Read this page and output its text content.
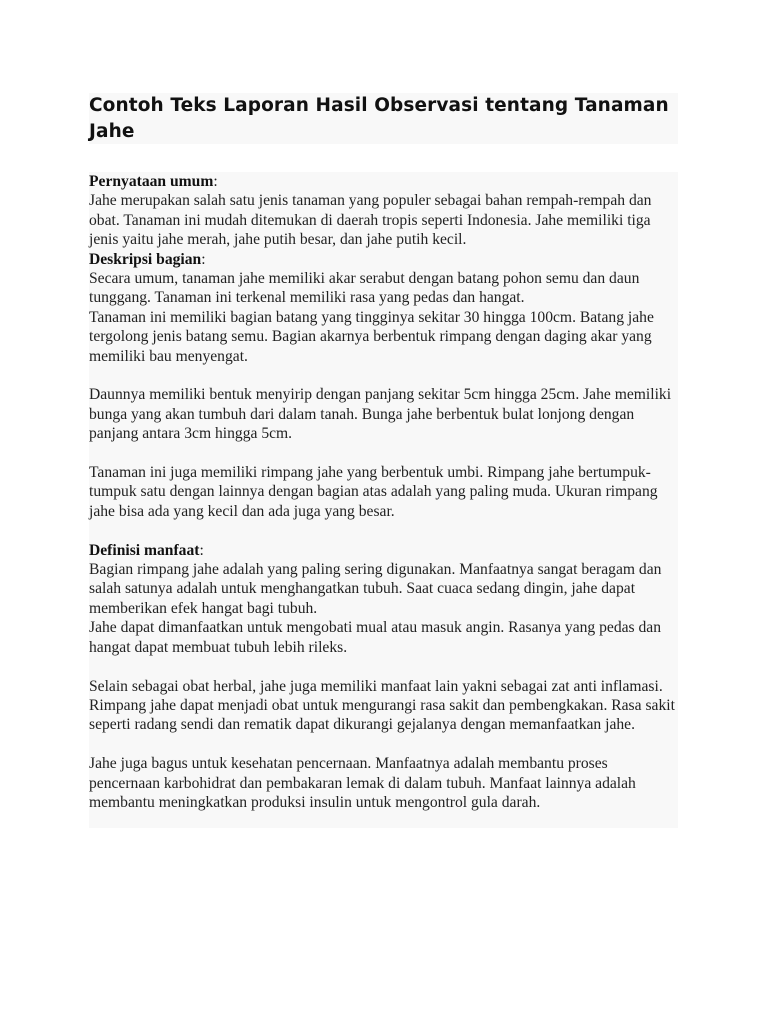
Contoh Teks Laporan Hasil Observasi tentang Tanaman Jahe

Pernyataan umum:

Jahe merupakan salah satu jenis tanaman yang populer sebagai bahan rempah-rempah dan obat. Tanaman ini mudah ditemukan di daerah tropis seperti Indonesia. Jahe memiliki tiga jenis yaitu jahe merah, jahe putih besar, dan jahe putih kecil.

Deskripsi bagian:

Secara umum, tanaman jahe memiliki akar serabut dengan batang pohon semu dan daun tunggang. Tanaman ini terkenal memiliki rasa yang pedas dan hangat.

Tanaman ini memiliki bagian batang yang tingginya sekitar 30 hingga 100cm. Batang jahe tergolong jenis batang semu. Bagian akarnya berbentuk rimpang dengan daging akar yang memiliki bau menyengat.

Daunnya memiliki bentuk menyirip dengan panjang sekitar 5cm hingga 25cm. Jahe memiliki bunga yang akan tumbuh dari dalam tanah. Bunga jahe berbentuk bulat lonjong dengan panjang antara 3cm hingga 5cm.

Tanaman ini juga memiliki rimpang jahe yang berbentuk umbi. Rimpang jahe bertumpuk-tumpuk satu dengan lainnya dengan bagian atas adalah yang paling muda. Ukuran rimpang jahe bisa ada yang kecil dan ada juga yang besar.

Definisi manfaat:

Bagian rimpang jahe adalah yang paling sering digunakan. Manfaatnya sangat beragam dan salah satunya adalah untuk menghangatkan tubuh. Saat cuaca sedang dingin, jahe dapat memberikan efek hangat bagi tubuh.

Jahe dapat dimanfaatkan untuk mengobati mual atau masuk angin. Rasanya yang pedas dan hangat dapat membuat tubuh lebih rileks.

Selain sebagai obat herbal, jahe juga memiliki manfaat lain yakni sebagai zat anti inflamasi. Rimpang jahe dapat menjadi obat untuk mengurangi rasa sakit dan pembengkakan. Rasa sakit seperti radang sendi dan rematik dapat dikurangi gejalanya dengan memanfaatkan jahe.

Jahe juga bagus untuk kesehatan pencernaan. Manfaatnya adalah membantu proses pencernaan karbohidrat dan pembakaran lemak di dalam tubuh. Manfaat lainnya adalah membantu meningkatkan produksi insulin untuk mengontrol gula darah.
